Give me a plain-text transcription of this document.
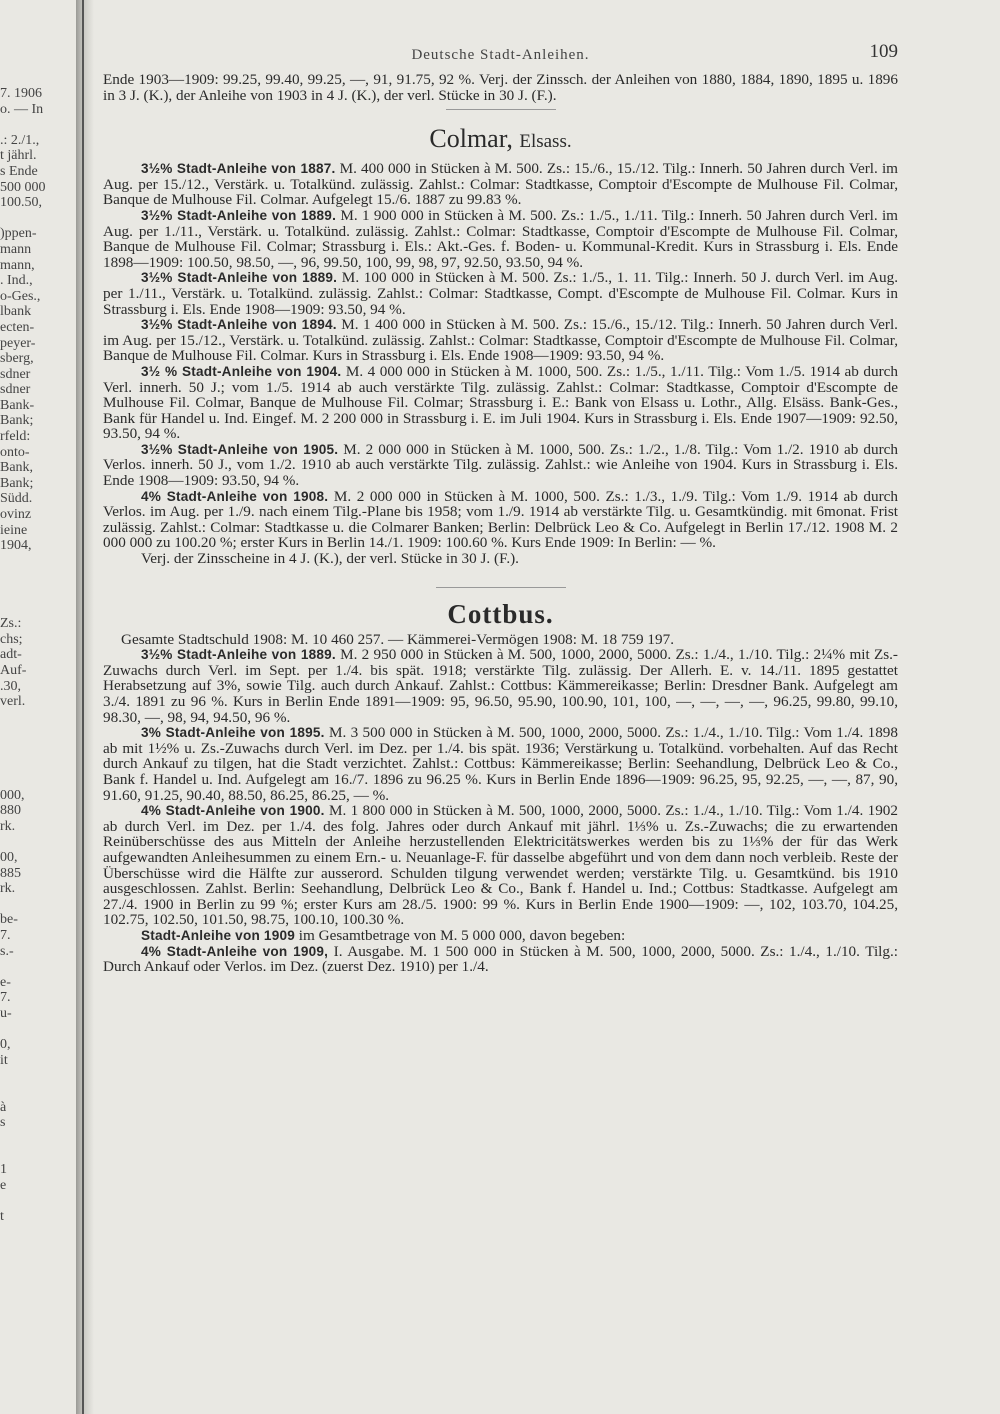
7. 1906
o. — In
.: 2./1.,
t jährl.
s Ende
500 000
100.50,
)ppen-
mann
mann,
. Ind.,
o-Ges.,
lbank
ecten-
peyer-
sberg,
sdner
sdner
Bank-
Bank;
rfeld:
onto-
Bank,
Bank;
Südd.
ovinz
ieine
1904,
Zs.:
chs;
adt-
Auf-
.30,
verl.
000,
880
rk.
00,
885
rk.
be-
7.
s.-
e-
7.
u-
0,
it
à
s
1
e
t
Deutsche Stadt-Anleihen.	109

Ende 1903—1909: 99.25, 99.40, 99.25, —, 91, 91.75, 92 %. Verj. der Zinssch. der Anleihen von 1880, 1884, 1890, 1895 u. 1896 in 3 J. (K.), der Anleihe von 1903 in 4 J. (K.), der verl. Stücke in 30 J. (F.).

Colmar, Elsass.

3½% Stadt-Anleihe von 1887. M. 400 000 in Stücken à M. 500. Zs.: 15./6., 15./12. Tilg.: Innerh. 50 Jahren durch Verl. im Aug. per 15./12., Verstärk. u. Totalkünd. zulässig. Zahlst.: Colmar: Stadtkasse, Comptoir d'Escompte de Mulhouse Fil. Colmar, Banque de Mulhouse Fil. Colmar. Aufgelegt 15./6. 1887 zu 99.83 %.

3½% Stadt-Anleihe von 1889. M. 1 900 000 in Stücken à M. 500. Zs.: 1./5., 1./11. Tilg.: Innerh. 50 Jahren durch Verl. im Aug. per 1./11., Verstärk. u. Totalkünd. zulässig. Zahlst.: Colmar: Stadtkasse, Comptoir d'Escompte de Mulhouse Fil. Colmar, Banque de Mulhouse Fil. Colmar; Strassburg i. Els.: Akt.-Ges. f. Boden- u. Kommunal-Kredit. Kurs in Strassburg i. Els. Ende 1898—1909: 100.50, 98.50, —, 96, 99.50, 100, 99, 98, 97, 92.50, 93.50, 94 %.

3½% Stadt-Anleihe von 1889. M. 100 000 in Stücken à M. 500. Zs.: 1./5., 1. 11. Tilg.: Innerh. 50 J. durch Verl. im Aug. per 1./11., Verstärk. u. Totalkünd. zulässig. Zahlst.: Colmar: Stadtkasse, Compt. d'Escompte de Mulhouse Fil. Colmar. Kurs in Strassburg i. Els. Ende 1908—1909: 93.50, 94 %.

3½% Stadt-Anleihe von 1894. M. 1 400 000 in Stücken à M. 500. Zs.: 15./6., 15./12. Tilg.: Innerh. 50 Jahren durch Verl. im Aug. per 15./12., Verstärk. u. Totalkünd. zulässig. Zahlst.: Colmar: Stadtkasse, Comptoir d'Escompte de Mulhouse Fil. Colmar, Banque de Mulhouse Fil. Colmar. Kurs in Strassburg i. Els. Ende 1908—1909: 93.50, 94 %.

3½ % Stadt-Anleihe von 1904. M. 4 000 000 in Stücken à M. 1000, 500. Zs.: 1./5., 1./11. Tilg.: Vom 1./5. 1914 ab durch Verl. innerh. 50 J.; vom 1./5. 1914 ab auch verstärkte Tilg. zulässig. Zahlst.: Colmar: Stadtkasse, Comptoir d'Escompte de Mulhouse Fil. Colmar, Banque de Mulhouse Fil. Colmar; Strassburg i. E.: Bank von Elsass u. Lothr., Allg. Elsäss. Bank-Ges., Bank für Handel u. Ind. Eingef. M. 2 200 000 in Strassburg i. E. im Juli 1904. Kurs in Strassburg i. Els. Ende 1907—1909: 92.50, 93.50, 94 %.

3½% Stadt-Anleihe von 1905. M. 2 000 000 in Stücken à M. 1000, 500. Zs.: 1./2., 1./8. Tilg.: Vom 1./2. 1910 ab durch Verlos. innerh. 50 J., vom 1./2. 1910 ab auch verstärkte Tilg. zulässig. Zahlst.: wie Anleihe von 1904. Kurs in Strassburg i. Els. Ende 1908—1909: 93.50, 94 %.

4% Stadt-Anleihe von 1908. M. 2 000 000 in Stücken à M. 1000, 500. Zs.: 1./3., 1./9. Tilg.: Vom 1./9. 1914 ab durch Verlos. im Aug. per 1./9. nach einem Tilg.-Plane bis 1958; vom 1./9. 1914 ab verstärkte Tilg. u. Gesamtkündig. mit 6monat. Frist zulässig. Zahlst.: Colmar: Stadtkasse u. die Colmarer Banken; Berlin: Delbrück Leo & Co. Aufgelegt in Berlin 17./12. 1908 M. 2 000 000 zu 100.20 %; erster Kurs in Berlin 14./1. 1909: 100.60 %. Kurs Ende 1909: In Berlin: — %.

Verj. der Zinsscheine in 4 J. (K.), der verl. Stücke in 30 J. (F.).

Cottbus.

Gesamte Stadtschuld 1908: M. 10 460 257. — Kämmerei-Vermögen 1908: M. 18 759 197.

3½% Stadt-Anleihe von 1889. M. 2 950 000 in Stücken à M. 500, 1000, 2000, 5000. Zs.: 1./4., 1./10. Tilg.: 2¼% mit Zs.-Zuwachs durch Verl. im Sept. per 1./4. bis spät. 1918; verstärkte Tilg. zulässig. Der Allerh. E. v. 14./11. 1895 gestattet Herabsetzung auf 3%, sowie Tilg. auch durch Ankauf. Zahlst.: Cottbus: Kämmereikasse; Berlin: Dresdner Bank. Aufgelegt am 3./4. 1891 zu 96 %. Kurs in Berlin Ende 1891—1909: 95, 96.50, 95.90, 100.90, 101, 100, —, —, —, —, 96.25, 99.80, 99.10, 98.30, —, 98, 94, 94.50, 96 %.

3% Stadt-Anleihe von 1895. M. 3 500 000 in Stücken à M. 500, 1000, 2000, 5000. Zs.: 1./4., 1./10. Tilg.: Vom 1./4. 1898 ab mit 1½% u. Zs.-Zuwachs durch Verl. im Dez. per 1./4. bis spät. 1936; Verstärkung u. Totalkünd. vorbehalten. Auf das Recht durch Ankauf zu tilgen, hat die Stadt verzichtet. Zahlst.: Cottbus: Kämmereikasse; Berlin: Seehandlung, Delbrück Leo & Co., Bank f. Handel u. Ind. Aufgelegt am 16./7. 1896 zu 96.25 %. Kurs in Berlin Ende 1896—1909: 96.25, 95, 92.25, —, —, 87, 90, 91.60, 91.25, 90.40, 88.50, 86.25, 86.25, — %.

4% Stadt-Anleihe von 1900. M. 1 800 000 in Stücken à M. 500, 1000, 2000, 5000. Zs.: 1./4., 1./10. Tilg.: Vom 1./4. 1902 ab durch Verl. im Dez. per 1./4. des folg. Jahres oder durch Ankauf mit jährl. 1⅓% u. Zs.-Zuwachs; die zu erwartenden Reinüberschüsse des aus Mitteln der Anleihe herzustellenden Elektricitätswerkes werden bis zu 1⅓% der für das Werk aufgewandten Anleihesummen zu einem Ern.- u. Neuanlage-F. für dasselbe abgeführt und von dem dann noch verbleib. Reste der Überschüsse wird die Hälfte zur ausserord. Schulden tilgung verwendet werden; verstärkte Tilg. u. Gesamtkünd. bis 1910 ausgeschlossen. Zahlst. Berlin: Seehandlung, Delbrück Leo & Co., Bank f. Handel u. Ind.; Cottbus: Stadtkasse. Aufgelegt am 27./4. 1900 in Berlin zu 99 %; erster Kurs am 28./5. 1900: 99 %. Kurs in Berlin Ende 1900—1909: —, 102, 103.70, 104.25, 102.75, 102.50, 101.50, 98.75, 100.10, 100.30 %.

Stadt-Anleihe von 1909 im Gesamtbetrage von M. 5 000 000, davon begeben:

4% Stadt-Anleihe von 1909, I. Ausgabe. M. 1 500 000 in Stücken à M. 500, 1000, 2000, 5000. Zs.: 1./4., 1./10. Tilg.: Durch Ankauf oder Verlos. im Dez. (zuerst Dez. 1910) per 1./4.
